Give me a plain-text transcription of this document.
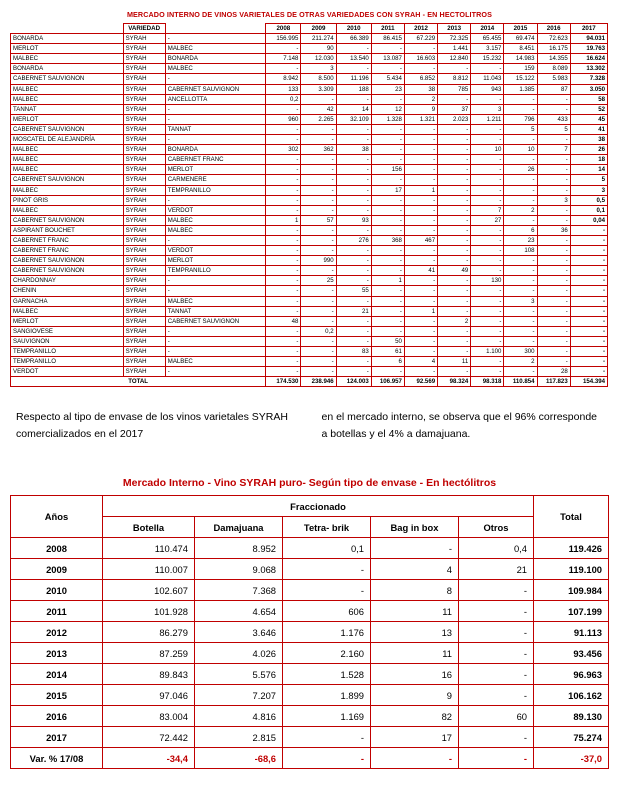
MERCADO INTERNO DE VINOS VARIETALES DE OTRAS VARIEDADES CON SYRAH - EN HECTOLITROS
	VARIEDAD		2008	2009	2010	2011	2012	2013	2014	2015	2016	2017
BONARDA	SYRAH	-	156.995	211.274	66.389	86.415	67.229	72.325	65.455	69.474	72.623	94.031
MERLOT	SYRAH	MALBEC	-	90	-	-	-	1.441	3.157	8.451	16.175	19.763
MALBEC	SYRAH	BONARDA	7.148	12.030	13.540	13.087	16.603	12.840	15.232	14.983	14.355	16.624
BONARDA	SYRAH	MALBEC	-	3	-	-	-	-	-	159	8.089	13.302
CABERNET SAUVIGNON	SYRAH	-	8.942	8.500	11.196	5.434	6.852	8.812	11.043	15.122	5.983	7.328
MALBEC	SYRAH	CABERNET SAUVIGNON	133	3.309	188	23	38	785	943	1.385	87	3.050
MALBEC	SYRAH	ANCELLOTTA	0,2	-	-	-	2	-	-	-	-	58
TANNAT	SYRAH	-	-	42	14	12	9	37	3	-	-	52
MERLOT	SYRAH	-	960	2.265	32.109	1.328	1.321	2.023	1.211	796	433	45
CABERNET SAUVIGNON	SYRAH	TANNAT	-	-	-	-	-	-	-	5	5	41
MOSCATEL DE ALEJANDRÍA	SYRAH	-	-	-	-	-	-	-	-	-	-	38
MALBEC	SYRAH	BONARDA	302	362	38	-	-	-	10	10	7	26
MALBEC	SYRAH	CABERNET FRANC	-	-	-	-	-	-	-	-	-	18
MALBEC	SYRAH	MERLOT	-	-	-	156	-	-	-	26	-	14
CABERNET SAUVIGNON	SYRAH	CARMENERE	-	-	-	-	-	-	-	-	-	5
MALBEC	SYRAH	TEMPRANILLO	-	-	-	17	1	-	-	-	-	3
PINOT GRIS	SYRAH	-	-	-	-	-	-	-	-	-	3	0,5
MALBEC	SYRAH	VERDOT	-	-	-	-	-	-	7	2	-	0,1
CABERNET SAUVIGNON	SYRAH	MALBEC	1	57	93	-	-	-	27	-	-	0,04
ASPIRANT BOUCHET	SYRAH	MALBEC	-	-	-	-	-	-	-	6	36	-
CABERNET FRANC	SYRAH	-	-	-	276	368	467	-	-	23	-	-
CABERNET FRANC	SYRAH	VERDOT	-	-	-	-	-	-	-	108	-	-
CABERNET SAUVIGNON	SYRAH	MERLOT	-	990	-	-	-	-	-	-	-	-
CABERNET SAUVIGNON	SYRAH	TEMPRANILLO	-	-	-	-	41	49	-	-	-	-
CHARDONNAY	SYRAH	-	-	25	-	1	-	-	130	-	-	-
CHENIN	SYRAH	-	-	-	55	-	-	-	-	-	-	-
GARNACHA	SYRAH	MALBEC	-	-	-	-	-	-	-	3	-	-
MALBEC	SYRAH	TANNAT	-	-	21	-	1	-	-	-	-	-
MERLOT	SYRAH	CABERNET SAUVIGNON	48	-	-	-	-	2	-	-	-	-
SANGIOVESE	SYRAH	-	-	0,2	-	-	-	-	-	-	-	-
SAUVIGNON	SYRAH	-	-	-	-	50	-	-	-	-	-	-
TEMPRANILLO	SYRAH	-	-	-	83	61	-	-	1.100	300	-	-
TEMPRANILLO	SYRAH	MALBEC	-	-	-	6	4	11	-	2	-	-
VERDOT	SYRAH	-	-	-	-	-	-	-	-	-	28	-
TOTAL			174.530	238.946	124.003	106.957	92.569	98.324	98.318	110.854	117.823	154.394
Respecto al tipo de envase de los vinos varietales SYRAH comercializados en el 2017
en el mercado interno, se observa que el 96% corresponde a botellas y el 4% a damajuana.
Mercado Interno - Vino SYRAH puro- Según tipo de envase - En hectólitros
Años	Fraccionado					Total
	Botella	Damajuana	Tetra- brik	Bag in box	Otros	
2008	110.474	8.952	0,1	-	0,4	119.426
2009	110.007	9.068	-	4	21	119.100
2010	102.607	7.368	-	8	-	109.984
2011	101.928	4.654	606	11	-	107.199
2012	86.279	3.646	1.176	13	-	91.113
2013	87.259	4.026	2.160	11	-	93.456
2014	89.843	5.576	1.528	16	-	96.963
2015	97.046	7.207	1.899	9	-	106.162
2016	83.004	4.816	1.169	82	60	89.130
2017	72.442	2.815	-	17	-	75.274
Var. % 17/08	-34,4	-68,6	-	-	-	-37,0
